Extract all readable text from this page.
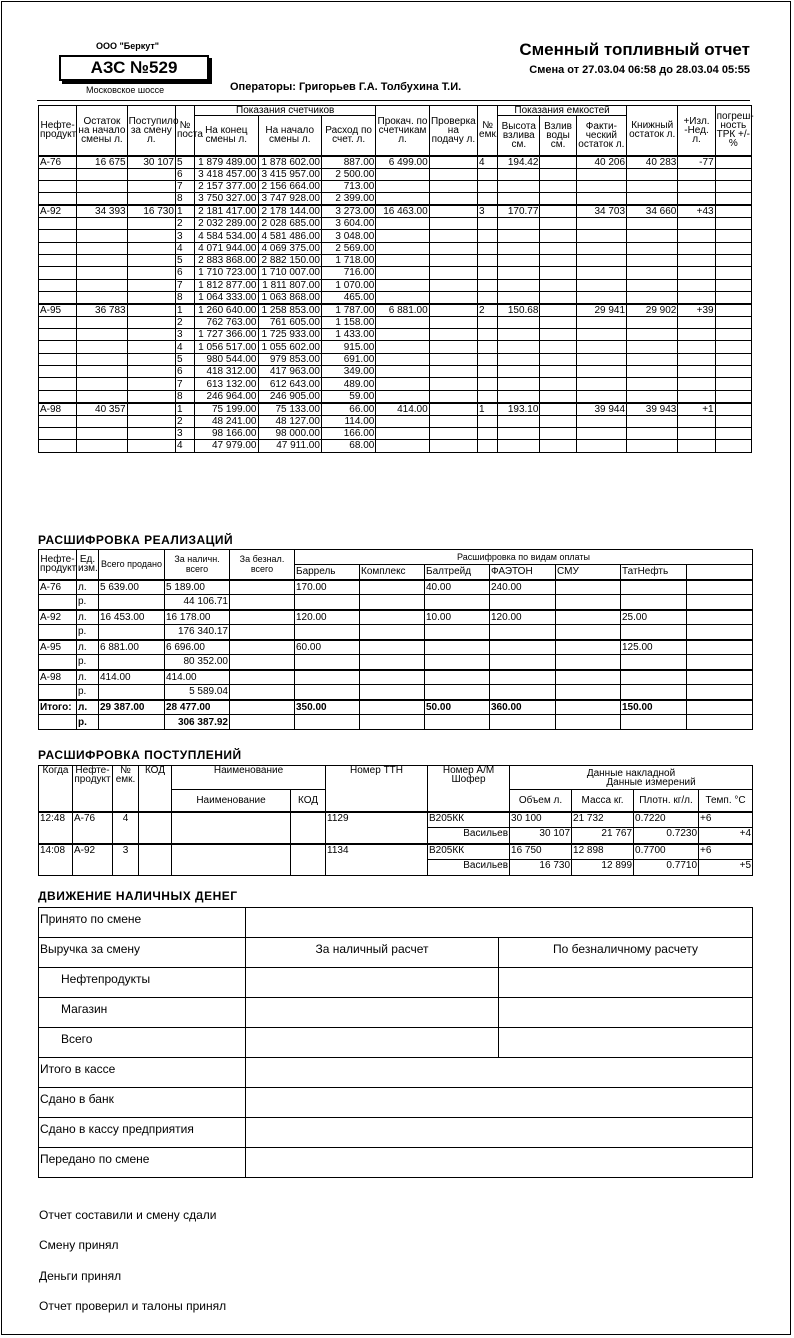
ООО "Беркут"
АЗС №529
Московское шоссе	Операторы: Григорьев Г.А. Толбухина Т.И.
Сменный топливный отчет
Смена от 27.03.04 06:58 до 28.03.04 05:55
Нефте-продукт	Остаток на начало смены л.	Поступило за смену л.	№ поста	Показания счетчиков			Прокач. по счетчикам л.	Проверка на подачу л.	№ емк.	Показания емкостей			Книжный остаток л.	+Изл. -Нед. л.	погреш-ность ТРК +/- %
				На конец смены л.	На начало смены л.	Расход по счет. л.				Высота взлива см.	Взлив воды см.	Факти-ческий остаток л.			
А-76	16 675	30 107	5	1 879 489.00	1 878 602.00	887.00	6 499.00		4	194.42		40 206	40 283	-77	
			6	3 418 457.00	3 415 957.00	2 500.00									
			7	2 157 377.00	2 156 664.00	713.00									
			8	3 750 327.00	3 747 928.00	2 399.00									
А-92	34 393	16 730	1	2 181 417.00	2 178 144.00	3 273.00	16 463.00		3	170.77		34 703	34 660	+43	
			2	2 032 289.00	2 028 685.00	3 604.00									
			3	4 584 534.00	4 581 486.00	3 048.00									
			4	4 071 944.00	4 069 375.00	2 569.00									
			5	2 883 868.00	2 882 150.00	1 718.00									
			6	1 710 723.00	1 710 007.00	716.00									
			7	1 812 877.00	1 811 807.00	1 070.00									
			8	1 064 333.00	1 063 868.00	465.00									
А-95	36 783		1	1 260 640.00	1 258 853.00	1 787.00	6 881.00		2	150.68		29 941	29 902	+39	
			2	762 763.00	761 605.00	1 158.00									
			3	1 727 366.00	1 725 933.00	1 433.00									
			4	1 056 517.00	1 055 602.00	915.00									
			5	980 544.00	979 853.00	691.00									
			6	418 312.00	417 963.00	349.00									
			7	613 132.00	612 643.00	489.00									
			8	246 964.00	246 905.00	59.00									
А-98	40 357		1	75 199.00	75 133.00	66.00	414.00		1	193.10		39 944	39 943	+1	
			2	48 241.00	48 127.00	114.00									
			3	98 166.00	98 000.00	166.00									
			4	47 979.00	47 911.00	68.00									
РАСШИФРОВКА РЕАЛИЗАЦИЙ
Нефте-продукт	Ед. изм.	Всего продано	За наличн. всего	За безнал. всего	Расшифровка по видам оплаты						
					Баррель	Комплекс	Балтрейд	ФАЭТОН	СМУ	ТатНефть	
А-76	л.	5 639.00	5 189.00		170.00		40.00	240.00			
	р.		44 106.71								
А-92	л.	16 453.00	16 178.00		120.00		10.00	120.00		25.00	
	р.		176 340.17								
А-95	л.	6 881.00	6 696.00		60.00					125.00	
	р.		80 352.00								
А-98	л.	414.00	414.00								
	р.		5 589.04								
Итого:	л.	29 387.00	28 477.00		350.00		50.00	360.00		150.00	
	р.		306 387.92								
РАСШИФРОВКА ПОСТУПЛЕНИЙ
Когда	Нефте-продукт	№ емк.	КОД	Наименование		Номер ТТН	Номер А/М Шофер	Данные накладной
Данные измерений			
				Наименование	КОД			Объем л.	Масса кг.	Плотн. кг/л.	Темп. °C
12:48	А-76	4				1129	В205КК	30 100	21 732	0.7220	+6
							Васильев	30 107	21 767	0.7230	+4
14:08	А-92	3				1134	В205КК	16 750	12 898	0.7700	+6
							Васильев	16 730	12 899	0.7710	+5
ДВИЖЕНИЕ НАЛИЧНЫХ ДЕНЕГ
Принято по смене		
Выручка за смену	За наличный расчет	По безналичному расчету
Нефтепродукты		
Магазин		
Всего		
Итого в кассе		
Сдано в банк		
Сдано в кассу предприятия		
Передано по смене		
Отчет составили и смену сдали
Смену принял
Деньги принял
Отчет проверил и талоны принял
